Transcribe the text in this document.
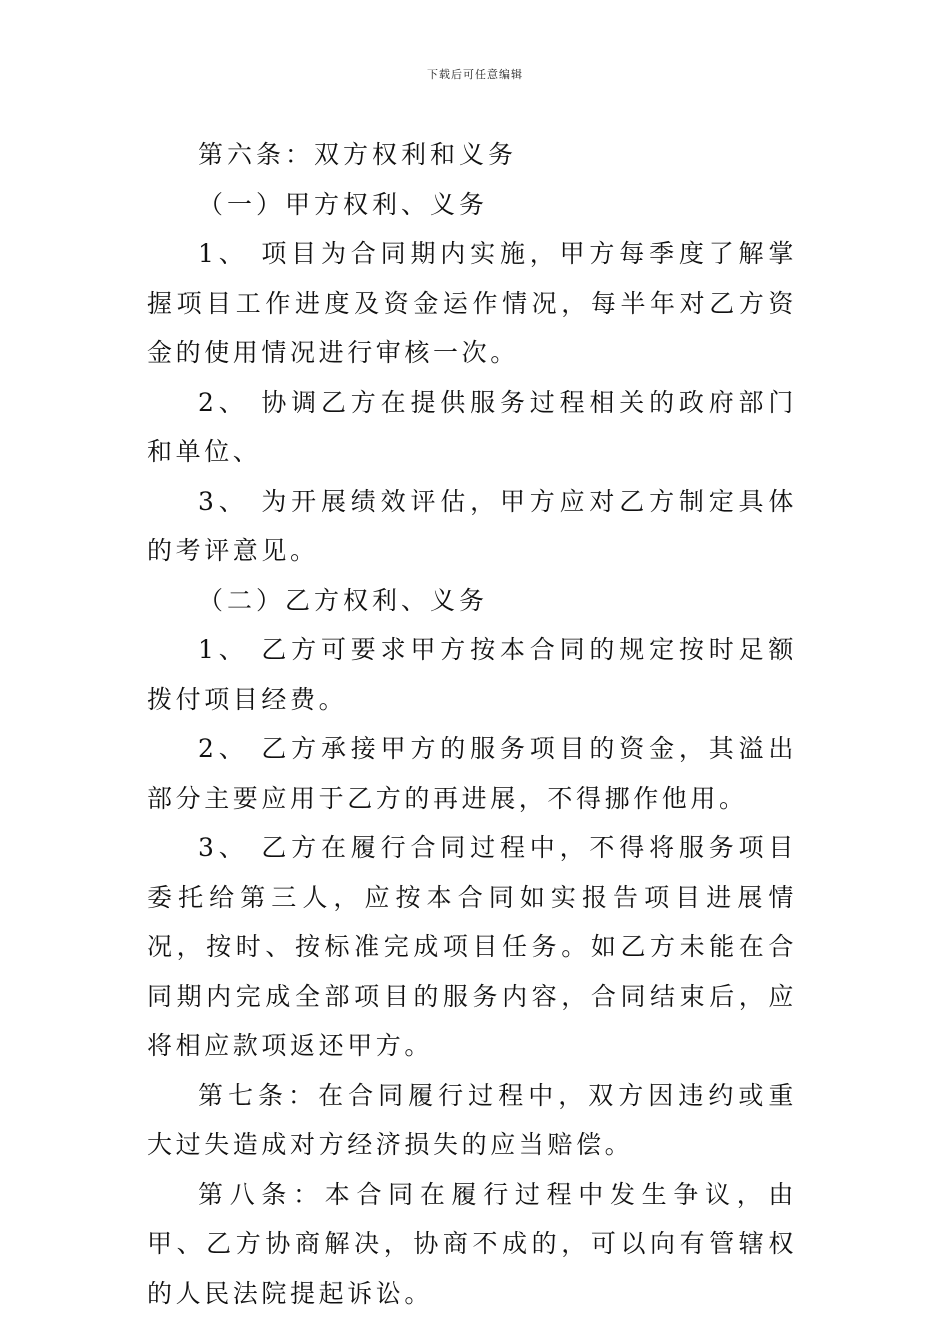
下载后可任意编辑

第六条：双方权利和义务

（一）甲方权利、义务

1、 项目为合同期内实施，甲方每季度了解掌握项目工作进度及资金运作情况，每半年对乙方资金的使用情况进行审核一次。

2、 协调乙方在提供服务过程相关的政府部门和单位、

3、 为开展绩效评估，甲方应对乙方制定具体的考评意见。

（二）乙方权利、义务

1、 乙方可要求甲方按本合同的规定按时足额拨付项目经费。

2、 乙方承接甲方的服务项目的资金，其溢出部分主要应用于乙方的再进展，不得挪作他用。

3、 乙方在履行合同过程中，不得将服务项目委托给第三人，应按本合同如实报告项目进展情况，按时、按标准完成项目任务。如乙方未能在合同期内完成全部项目的服务内容，合同结束后，应将相应款项返还甲方。

第七条：在合同履行过程中，双方因违约或重大过失造成对方经济损失的应当赔偿。

第八条：本合同在履行过程中发生争议，由甲、乙方协商解决，协商不成的，可以向有管辖权的人民法院提起诉讼。
